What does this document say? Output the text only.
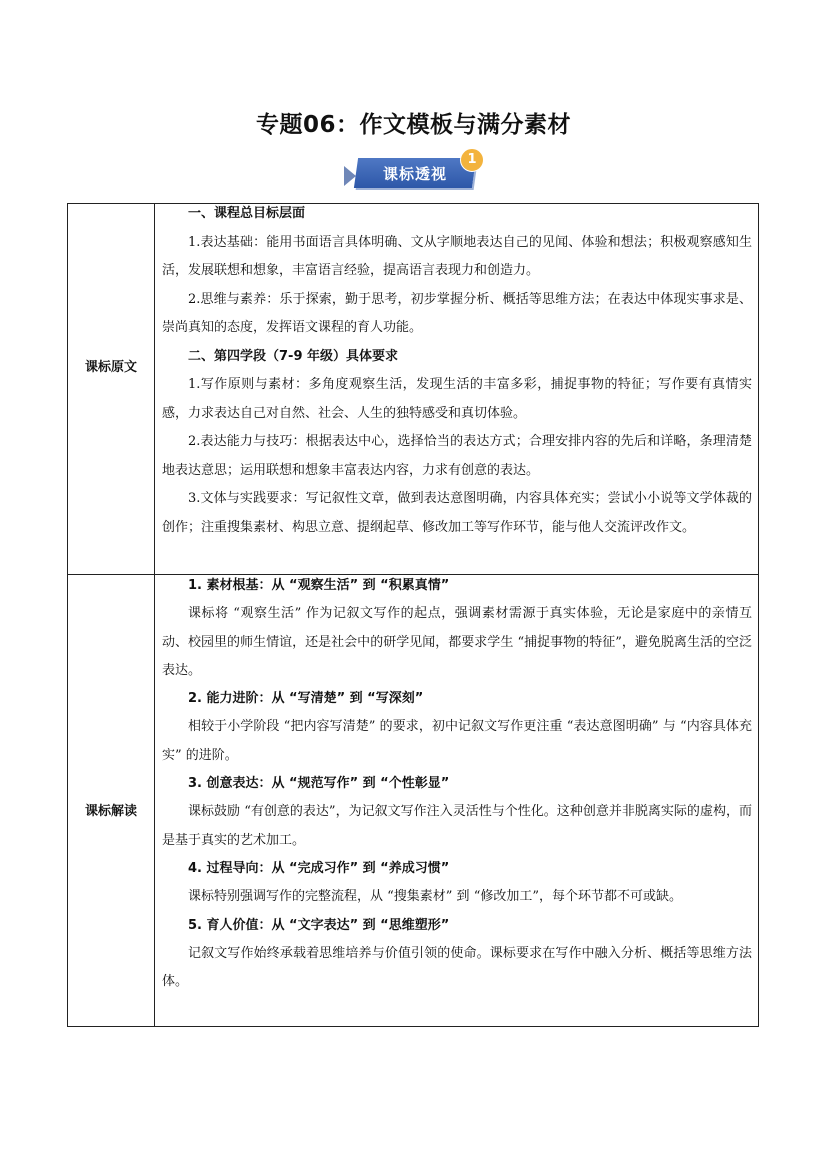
专题06：作文模板与满分素材
课标透视
1
课标原文

一、课程总目标层面

1.表达基础：能用书面语言具体明确、文从字顺地表达自己的见闻、体验和想法；积极观察感知生活，发展联想和想象，丰富语言经验，提高语言表现力和创造力。

2.思维与素养：乐于探索，勤于思考，初步掌握分析、概括等思维方法；在表达中体现实事求是、崇尚真知的态度，发挥语文课程的育人功能。

二、第四学段（7-9 年级）具体要求

1.写作原则与素材：多角度观察生活，发现生活的丰富多彩，捕捉事物的特征；写作要有真情实感，力求表达自己对自然、社会、人生的独特感受和真切体验。

2.表达能力与技巧：根据表达中心，选择恰当的表达方式；合理安排内容的先后和详略，条理清楚地表达意思；运用联想和想象丰富表达内容，力求有创意的表达。

3.文体与实践要求：写记叙性文章，做到表达意图明确，内容具体充实；尝试小小说等文学体裁的创作；注重搜集素材、构思立意、提纲起草、修改加工等写作环节，能与他人交流评改作文。

课标解读

1. 素材根基：从 “观察生活” 到 “积累真情”

课标将 “观察生活” 作为记叙文写作的起点，强调素材需源于真实体验，无论是家庭中的亲情互动、校园里的师生情谊，还是社会中的研学见闻，都要求学生 “捕捉事物的特征”，避免脱离生活的空泛表达。

2. 能力进阶：从 “写清楚” 到 “写深刻”

相较于小学阶段 “把内容写清楚” 的要求，初中记叙文写作更注重 “表达意图明确” 与 “内容具体充实” 的进阶。

3. 创意表达：从 “规范写作” 到 “个性彰显”

课标鼓励 “有创意的表达”，为记叙文写作注入灵活性与个性化。这种创意并非脱离实际的虚构，而是基于真实的艺术加工。

4. 过程导向：从 “完成习作” 到 “养成习惯”

课标特别强调写作的完整流程，从 “搜集素材” 到 “修改加工”，每个环节都不可或缺。

5. 育人价值：从 “文字表达” 到 “思维塑形”

记叙文写作始终承载着思维培养与价值引领的使命。课标要求在写作中融入分析、概括等思维方法体。
